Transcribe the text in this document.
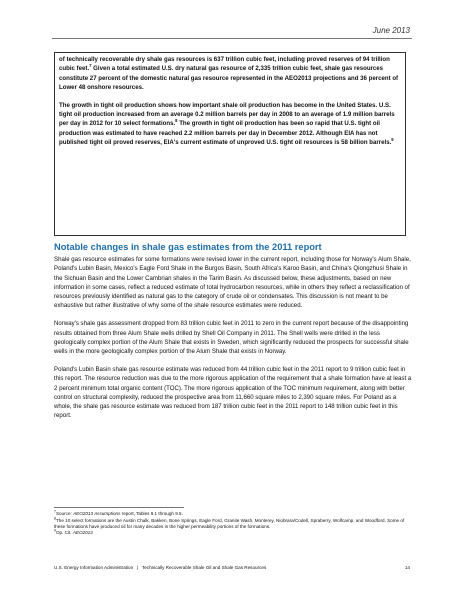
June 2013

of technically recoverable dry shale gas resources is 637 trillion cubic feet, including proved reserves of 94 trillion cubic feet.$^7$ Given a total estimated U.S. dry natural gas resource of 2,335 trillion cubic feet, shale gas resources constitute 27 percent of the domestic natural gas resource represented in the AEO2013 projections and 36 percent of Lower 48 onshore resources.

The growth in tight oil production shows how important shale oil production has become in the United States. U.S. tight oil production increased from an average 0.2 million barrels per day in 2008 to an average of 1.9 million barrels per day in 2012 for 10 select formations.$^8$ The growth in tight oil production has been so rapid that U.S. tight oil production was estimated to have reached 2.2 million barrels per day in December 2012. Although EIA has not published tight oil proved reserves, EIA's current estimate of unproved U.S. tight oil resources is 58 billion barrels.$^9$

Notable changes in shale gas estimates from the 2011 report

Shale gas resource estimates for some formations were revised lower in the current report, including those for Norway's Alum Shale, Poland's Lubin Basin, Mexico's Eagle Ford Shale in the Burgos Basin, South Africa's Karoo Basin, and China's Qiongzhusi Shale in the Sichuan Basin and the Lower Cambrian shales in the Tarim Basin. As discussed below, these adjustments, based on new information in some cases, reflect a reduced estimate of total hydrocarbon resources, while in others they reflect a reclassification of resources previously identified as natural gas to the category of crude oil or condensates. This discussion is not meant to be exhaustive but rather illustrative of why some of the shale resource estimates were reduced.

Norway's shale gas assessment dropped from 83 trillion cubic feet in 2011 to zero in the current report because of the disappointing results obtained from three Alum Shale wells drilled by Shell Oil Company in 2011. The Shell wells were drilled in the less geologically complex portion of the Alum Shale that exists in Sweden, which significantly reduced the prospects for successful shale wells in the more geologically complex portion of the Alum Shale that exists in Norway.

Poland's Lubin Basin shale gas resource estimate was reduced from 44 trillion cubic feet in the 2011 report to 9 trillion cubic feet in this report. The resource reduction was due to the more rigorous application of the requirement that a shale formation have at least a 2 percent minimum total organic content (TOC). The more rigorous application of the TOC minimum requirement, along with better control on structural complexity, reduced the prospective area from 11,660 square miles to 2,390 square miles. For Poland as a whole, the shale gas resource estimate was reduced from 187 trillion cubic feet in the 2011 report to 148 trillion cubic feet in this report.

$^7$Source: AEO2013 Assumptions report, Tables 9.1 through 9.5.
$^8$The 10 select formations are the Austin Chalk, Bakken, Bone Springs, Eagle Ford, Granite Wash, Monterey, Niobrara/Codell, Spraberry, Wolfcamp, and Woodford. Some of these formations have produced oil for many decades in the higher permeability portions of the formations.
$^9$Op. Cit. AEO2013
U.S. Energy Information Administration   |   Technically Recoverable Shale Oil and Shale Gas Resources	14
